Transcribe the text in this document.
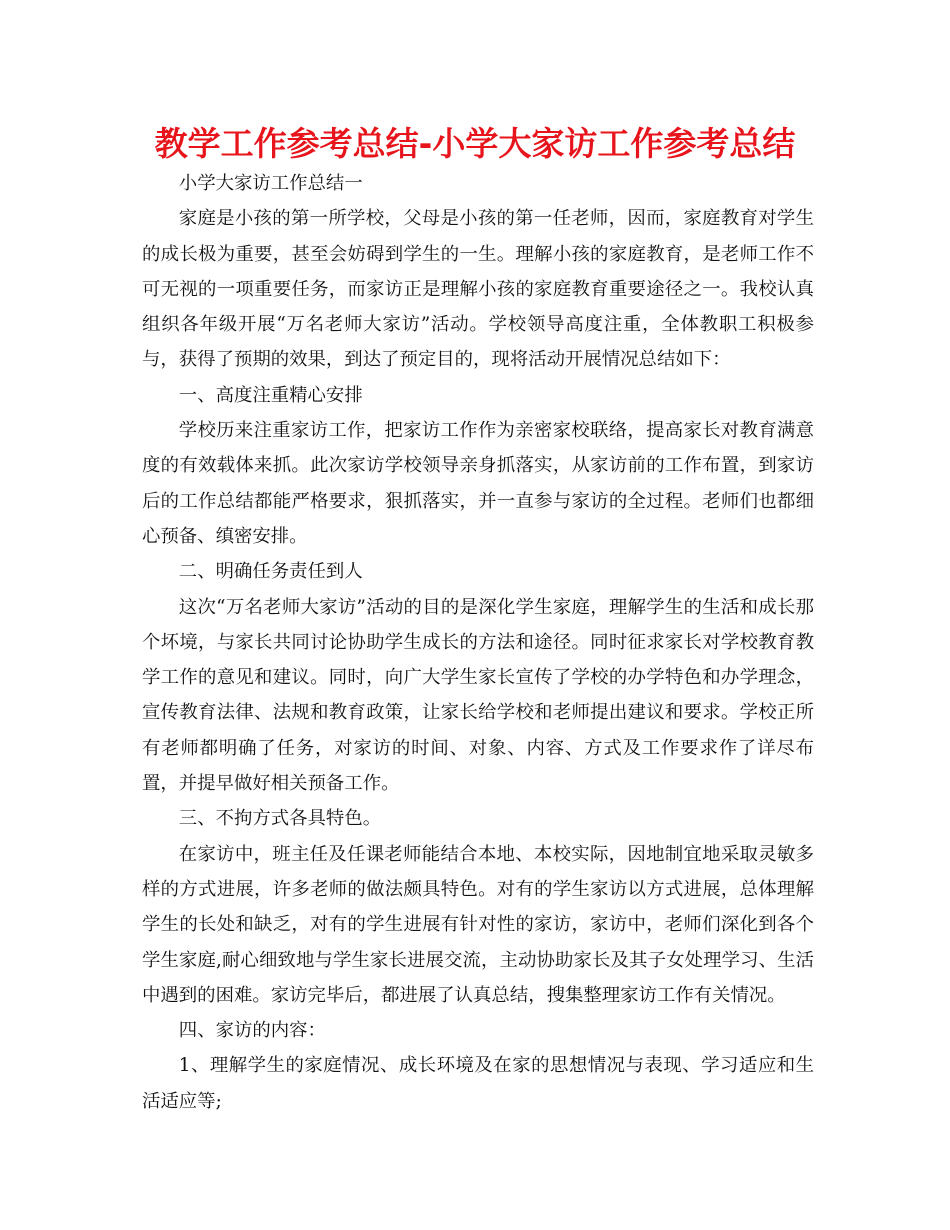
教学工作参考总结-小学大家访工作参考总结

小学大家访工作总结一

家庭是小孩的第一所学校，父母是小孩的第一任老师，因而，家庭教育对学生的成长极为重要，甚至会妨碍到学生的一生。理解小孩的家庭教育，是老师工作不可无视的一项重要任务，而家访正是理解小孩的家庭教育重要途径之一。我校认真组织各年级开展“万名老师大家访”活动。学校领导高度注重，全体教职工积极参与，获得了预期的效果，到达了预定目的，现将活动开展情况总结如下：

一、高度注重精心安排

学校历来注重家访工作，把家访工作作为亲密家校联络，提高家长对教育满意度的有效载体来抓。此次家访学校领导亲身抓落实，从家访前的工作布置，到家访后的工作总结都能严格要求，狠抓落实，并一直参与家访的全过程。老师们也都细心预备、缜密安排。

二、明确任务责任到人

这次“万名老师大家访”活动的目的是深化学生家庭，理解学生的生活和成长那个坏境，与家长共同讨论协助学生成长的方法和途径。同时征求家长对学校教育教学工作的意见和建议。同时，向广大学生家长宣传了学校的办学特色和办学理念，宣传教育法律、法规和教育政策，让家长给学校和老师提出建议和要求。学校正所有老师都明确了任务，对家访的时间、对象、内容、方式及工作要求作了详尽布置，并提早做好相关预备工作。

三、不拘方式各具特色。

在家访中，班主任及任课老师能结合本地、本校实际，因地制宜地采取灵敏多样的方式进展，许多老师的做法颇具特色。对有的学生家访以方式进展，总体理解学生的长处和缺乏，对有的学生进展有针对性的家访，家访中，老师们深化到各个学生家庭,耐心细致地与学生家长进展交流，主动协助家长及其子女处理学习、生活中遇到的困难。家访完毕后，都进展了认真总结，搜集整理家访工作有关情况。

四、家访的内容：

1、理解学生的家庭情况、成长环境及在家的思想情况与表现、学习适应和生活适应等;
